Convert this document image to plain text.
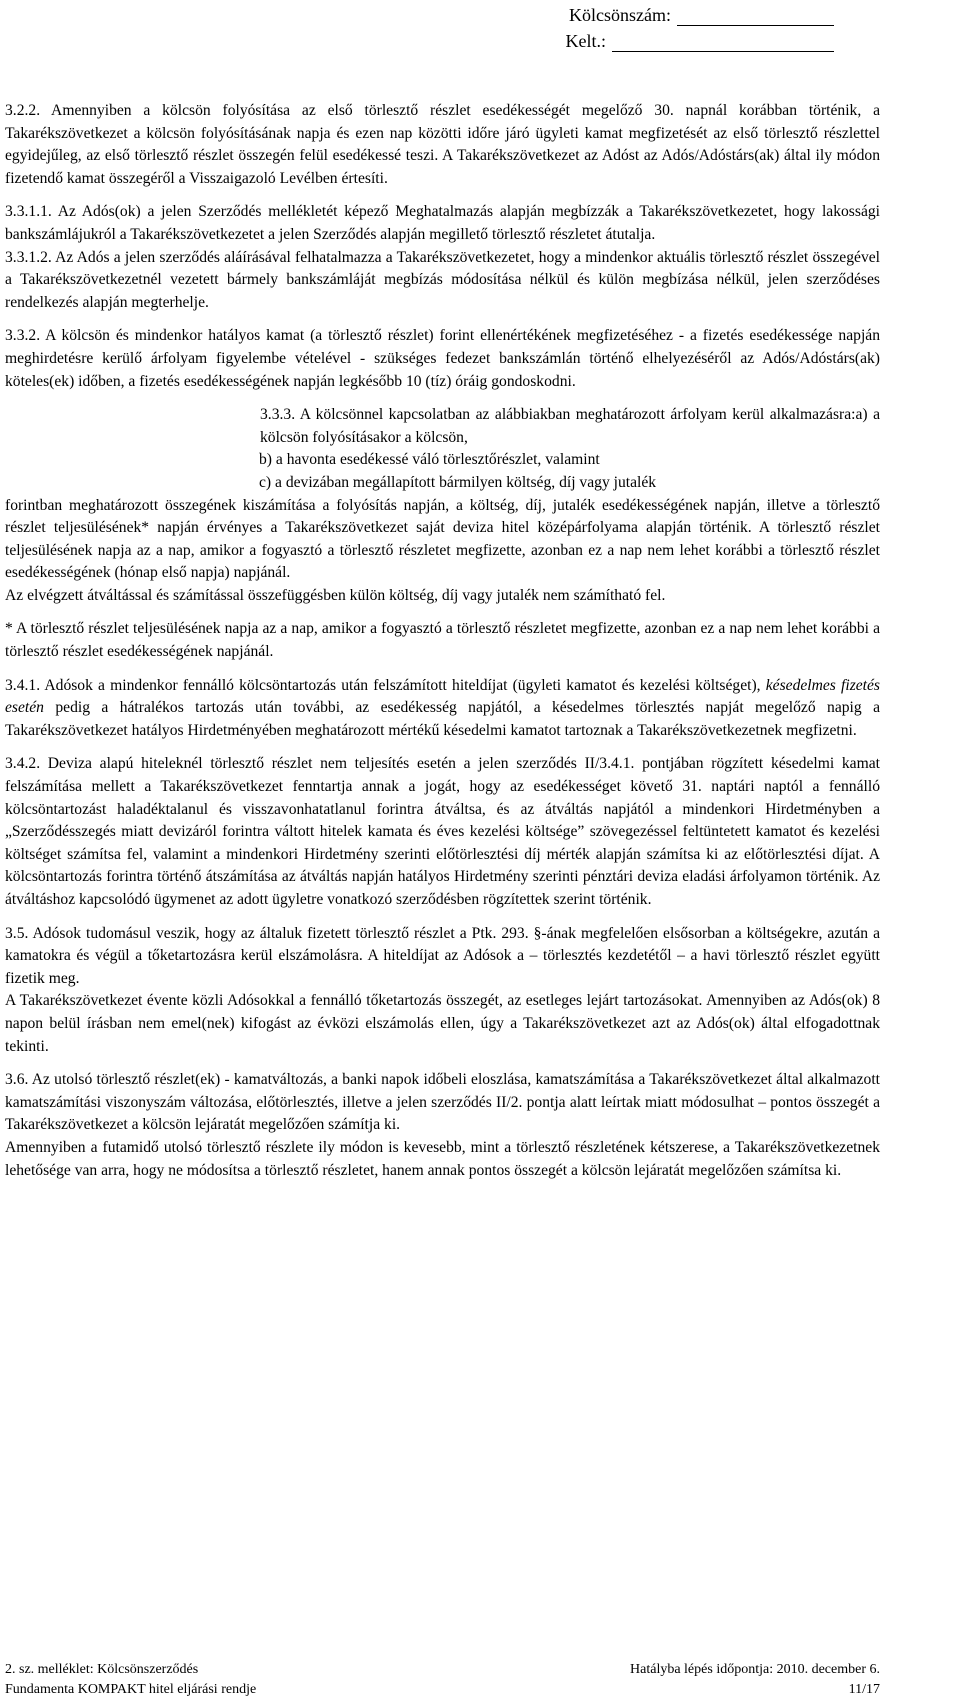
Kölcsönszám:
Kelt.:

3.2.2. Amennyiben a kölcsön folyósítása az első törlesztő részlet esedékességét megelőző 30. napnál korábban történik, a Takarékszövetkezet a kölcsön folyósításának napja és ezen nap közötti időre járó ügyleti kamat megfizetését az első törlesztő részlettel egyidejűleg, az első törlesztő részlet összegén felül esedékessé teszi. A Takarékszövetkezet az Adóst az Adós/Adóstárs(ak) által ily módon fizetendő kamat összegéről a Visszaigazoló Levélben értesíti.

3.3.1.1. Az Adós(ok) a jelen Szerződés mellékletét képező Meghatalmazás alapján megbízzák a Takarékszövetkezetet, hogy lakossági bankszámlájukról a Takarékszövetkezetet a jelen Szerződés alapján megillető törlesztő részletet átutalja.

3.3.1.2. Az Adós a jelen szerződés aláírásával felhatalmazza a Takarékszövetkezetet, hogy a mindenkor aktuális törlesztő részlet összegével a Takarékszövetkezetnél vezetett bármely bankszámláját megbízás módosítása nélkül és külön megbízása nélkül, jelen szerződéses rendelkezés alapján megterhelje.

3.3.2. A kölcsön és mindenkor hatályos kamat (a törlesztő részlet) forint ellenértékének megfizetéséhez - a fizetés esedékessége napján meghirdetésre kerülő árfolyam figyelembe vételével - szükséges fedezet bankszámlán történő elhelyezéséről az Adós/Adóstárs(ak) köteles(ek) időben, a fizetés esedékességének napján legkésőbb 10 (tíz) óráig gondoskodni.

3.3.3. A kölcsönnel kapcsolatban az alábbiakban meghatározott árfolyam kerül alkalmazásra:a) a kölcsön folyósításakor a kölcsön,

b) a havonta esedékessé váló törlesztőrészlet, valamint

c) a devizában megállapított bármilyen költség, díj vagy jutalék

forintban meghatározott összegének kiszámítása a folyósítás napján, a költség, díj, jutalék esedékességének napján, illetve a törlesztő részlet teljesülésének* napján érvényes a Takarékszövetkezet saját deviza hitel középárfolyama alapján történik. A törlesztő részlet teljesülésének napja az a nap, amikor a fogyasztó a törlesztő részletet megfizette, azonban ez a nap nem lehet korábbi a törlesztő részlet esedékességének (hónap első napja) napjánál.

Az elvégzett átváltással és számítással összefüggésben külön költség, díj vagy jutalék nem számítható fel.

* A törlesztő részlet teljesülésének napja az a nap, amikor a fogyasztó a törlesztő részletet megfizette, azonban ez a nap nem lehet korábbi a törlesztő részlet esedékességének napjánál.

3.4.1. Adósok a mindenkor fennálló kölcsöntartozás után felszámított hiteldíjat (ügyleti kamatot és kezelési költséget), késedelmes fizetés esetén pedig a hátralékos tartozás után további, az esedékesség napjától, a késedelmes törlesztés napját megelőző napig a Takarékszövetkezet hatályos Hirdetményében meghatározott mértékű késedelmi kamatot tartoznak a Takarékszövetkezetnek megfizetni.

3.4.2. Deviza alapú hiteleknél törlesztő részlet nem teljesítés esetén a jelen szerződés II/3.4.1. pontjában rögzített késedelmi kamat felszámítása mellett a Takarékszövetkezet fenntartja annak a jogát, hogy az esedékességet követő 31. naptári naptól a fennálló kölcsöntartozást haladéktalanul és visszavonhatatlanul forintra átváltsa, és az átváltás napjától a mindenkori Hirdetményben a „Szerződésszegés miatt devizáról forintra váltott hitelek kamata és éves kezelési költsége” szövegezéssel feltüntetett kamatot és kezelési költséget számítsa fel, valamint a mindenkori Hirdetmény szerinti előtörlesztési díj mérték alapján számítsa ki az előtörlesztési díjat. A kölcsöntartozás forintra történő átszámítása az átváltás napján hatályos Hirdetmény szerinti pénztári deviza eladási árfolyamon történik. Az átváltáshoz kapcsolódó ügymenet az adott ügyletre vonatkozó szerződésben rögzítettek szerint történik.

3.5. Adósok tudomásul veszik, hogy az általuk fizetett törlesztő részlet a Ptk. 293. §-ának megfelelően elsősorban a költségekre, azután a kamatokra és végül a tőketartozásra kerül elszámolásra. A hiteldíjat az Adósok a – törlesztés kezdetétől – a havi törlesztő részlet együtt fizetik meg.

A Takarékszövetkezet évente közli Adósokkal a fennálló tőketartozás összegét, az esetleges lejárt tartozásokat. Amennyiben az Adós(ok) 8 napon belül írásban nem emel(nek) kifogást az évközi elszámolás ellen, úgy a Takarékszövetkezet azt az Adós(ok) által elfogadottnak tekinti.

3.6. Az utolsó törlesztő részlet(ek) - kamatváltozás, a banki napok időbeli eloszlása, kamatszámítása a Takarékszövetkezet által alkalmazott kamatszámítási viszonyszám változása, előtörlesztés, illetve a jelen szerződés II/2. pontja alatt leírtak miatt módosulhat – pontos összegét a Takarékszövetkezet a kölcsön lejáratát megelőzően számítja ki.

Amennyiben a futamidő utolsó törlesztő részlete ily módon is kevesebb, mint a törlesztő részletének kétszerese, a Takarékszövetkezetnek lehetősége van arra, hogy ne módosítsa a törlesztő részletet, hanem annak pontos összegét a kölcsön lejáratát megelőzően számítsa ki.

2. sz. melléklet: Kölcsönszerződés	Hatályba lépés időpontja: 2010. december 6.
Fundamenta KOMPAKT hitel eljárási rendje	11/17
